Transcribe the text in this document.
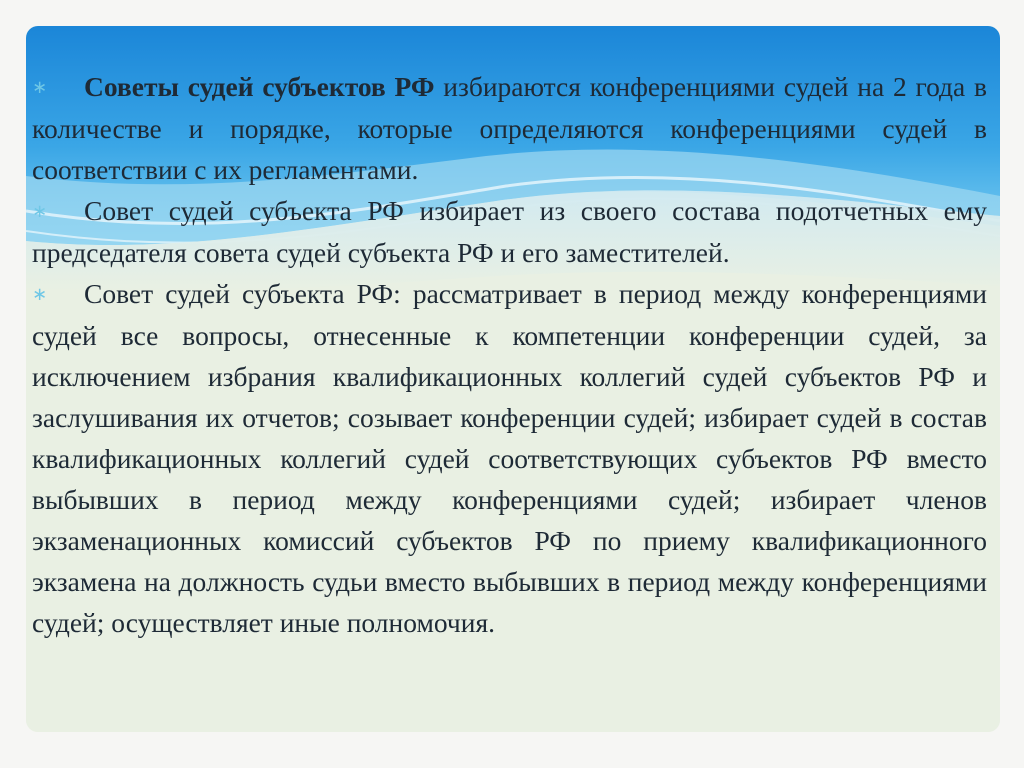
∗ Советы судей субъектов РФ избираются конференциями судей на 2 года в количестве и порядке, которые определяются конференциями судей в соответствии с их регламентами.

∗ Совет судей субъекта РФ избирает из своего состава подотчетных ему председателя совета судей субъекта РФ и его заместителей.

∗ Совет судей субъекта РФ: рассматривает в период между конференциями судей все вопросы, отнесенные к компетенции конференции судей, за исключением избрания квалификационных коллегий судей субъектов РФ и заслушивания их отчетов; созывает конференции судей; избирает судей в состав квалификационных коллегий судей соответствующих субъектов РФ вместо выбывших в период между конференциями судей; избирает членов экзаменационных комиссий субъектов РФ по приему квалификационного экзамена на должность судьи вместо выбывших в период между конференциями судей; осуществляет иные полномочия.
